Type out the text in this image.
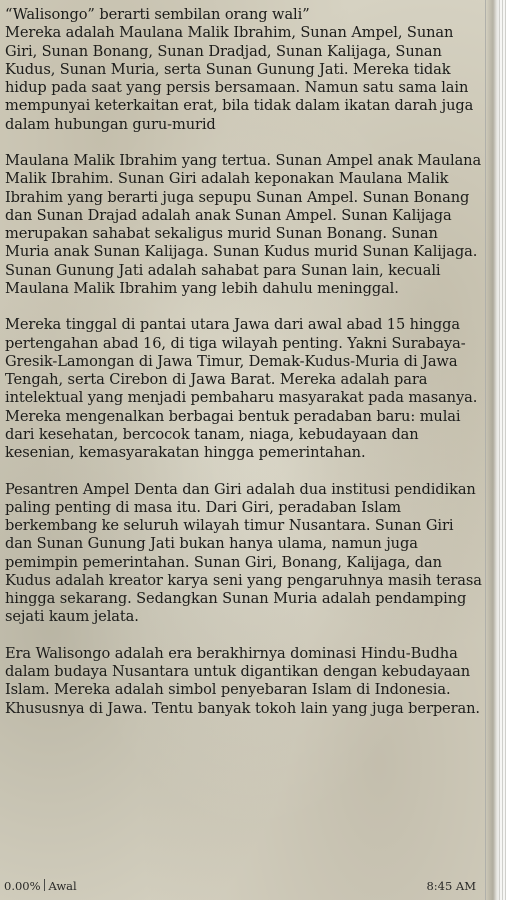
“Walisongo” berarti sembilan orang wali”
Mereka adalah Maulana Malik Ibrahim, Sunan Ampel, Sunan Giri, Sunan Bonang, Sunan Dradjad, Sunan Kalijaga, Sunan Kudus, Sunan Muria, serta Sunan Gunung Jati. Mereka tidak hidup pada saat yang persis bersamaan. Namun satu sama lain mempunyai keterkaitan erat, bila tidak dalam ikatan darah juga dalam hubungan guru-murid

Maulana Malik Ibrahim yang tertua. Sunan Ampel anak Maulana Malik Ibrahim. Sunan Giri adalah keponakan Maulana Malik Ibrahim yang berarti juga sepupu Sunan Ampel. Sunan Bonang dan Sunan Drajad adalah anak Sunan Ampel. Sunan Kalijaga merupakan sahabat sekaligus murid Sunan Bonang. Sunan Muria anak Sunan Kalijaga. Sunan Kudus murid Sunan Kalijaga. Sunan Gunung Jati adalah sahabat para Sunan lain, kecuali Maulana Malik Ibrahim yang lebih dahulu meninggal.

Mereka tinggal di pantai utara Jawa dari awal abad 15 hingga pertengahan abad 16, di tiga wilayah penting. Yakni Surabaya-Gresik-Lamongan di Jawa Timur, Demak-Kudus-Muria di Jawa Tengah, serta Cirebon di Jawa Barat. Mereka adalah para intelektual yang menjadi pembaharu masyarakat pada masanya. Mereka mengenalkan berbagai bentuk peradaban baru: mulai dari kesehatan, bercocok tanam, niaga, kebudayaan dan kesenian, kemasyarakatan hingga pemerintahan.

Pesantren Ampel Denta dan Giri adalah dua institusi pendidikan paling penting di masa itu. Dari Giri, peradaban Islam berkembang ke seluruh wilayah timur Nusantara. Sunan Giri dan Sunan Gunung Jati bukan hanya ulama, namun juga pemimpin pemerintahan. Sunan Giri, Bonang, Kalijaga, dan Kudus adalah kreator karya seni yang pengaruhnya masih terasa hingga sekarang. Sedangkan Sunan Muria adalah pendamping sejati kaum jelata.

Era Walisongo adalah era berakhirnya dominasi Hindu-Budha dalam budaya Nusantara untuk digantikan dengan kebudayaan Islam. Mereka adalah simbol penyebaran Islam di Indonesia. Khususnya di Jawa. Tentu banyak tokoh lain yang juga berperan.

0.00% Awal	8:45 AM
